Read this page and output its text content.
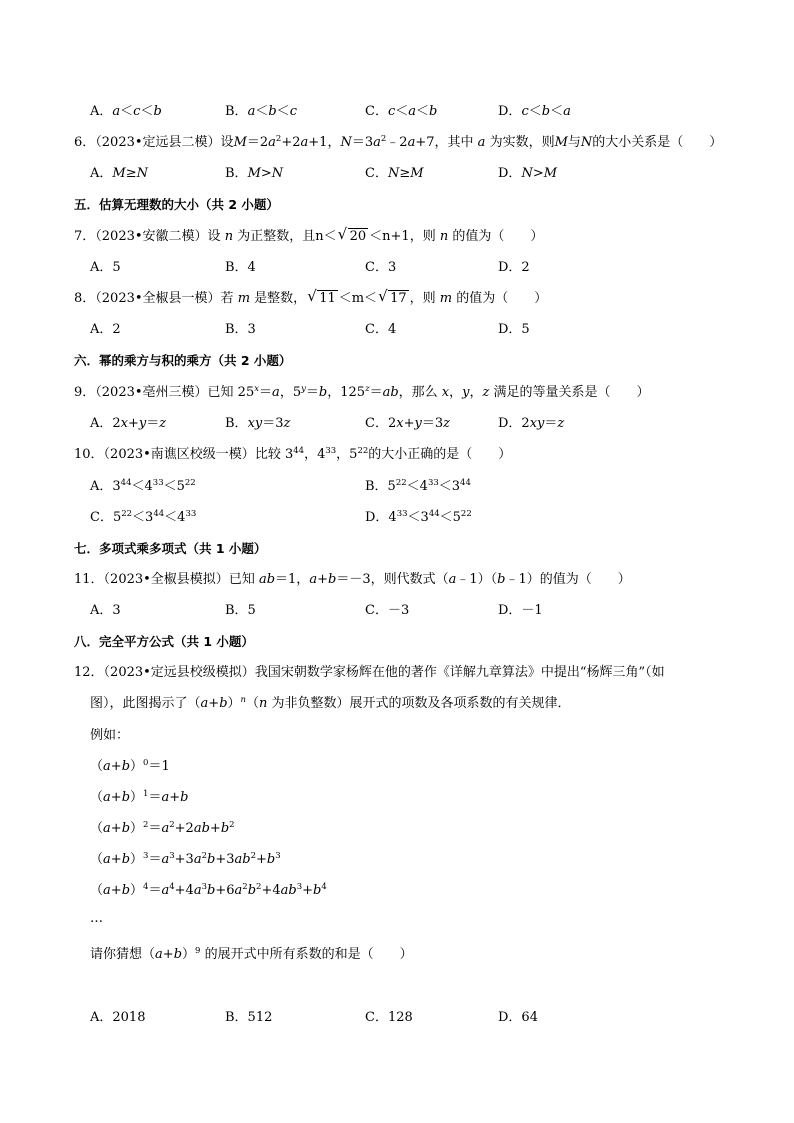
A．a＜c＜b	B．a＜b＜c	C．c＜a＜b	D．c＜b＜a
6．（2023•定远县二模）设$M=2a^2+2a+1$，$N=3a^2﹣2a+7$，其中 a 为实数，则M与N的大小关系是（　　）
A．M≥N	B．M>N	C．N≥M	D．N>M
五．估算无理数的大小（共 2 小题）
7．（2023•安徽二模）设 n 为正整数，且n＜ √ 20 ＜n+1，则 n 的值为（　　）
A．5	B．4	C．3	D．2
8．（2023•全椒县一模）若 m 是整数， √ 11 ＜m＜ √ 17 ，则 m 的值为（　　）
A．2	B．3	C．4	D．5
六．幂的乘方与积的乘方（共 2 小题）
9．（2023•亳州三模）已知 $25^x=a$，$5^y=b$，$125^z=ab$，那么 x，y，z 满足的等量关系是（　　）
A．2x+y＝z	B．xy＝3z	C．2x+y＝3z	D．2xy＝z
10．（2023•南谯区校级一模）比较 $3^{44}$，$4^{33}$，$5^{22}$的大小正确的是（　　）
A．$3^{44}<4^{33}<5^{22}$	B．$5^{22}<4^{33}<3^{44}$
C．$5^{22}<3^{44}<4^{33}$	D．$4^{33}<3^{44}<5^{22}$
七．多项式乘多项式（共 1 小题）
11．（2023•全椒县模拟）已知 ab＝1，a+b＝－3，则代数式（a﹣1）（b﹣1）的值为（　　）
A．3	B．5	C．－3	D．－1
八．完全平方公式（共 1 小题）
12．（2023•定远县校级模拟）我国宋朝数学家杨辉在他的著作《详解九章算法》中提出“杨辉三角”（如
图），此图揭示了$(a+b)^n(n$ 为非负整数）展开式的项数及各项系数的有关规律．
例如：
$(a+b)^0=1$
$(a+b)^1=a+b$
$(a+b)^2=a^2+2ab+b^2$
$(a+b)^3=a^3+3a^2b+3ab^2+b^3$
$(a+b)^4=a^4+4a^3b+6a^2b^2+4ab^3+b^4$
…
请你猜想$(a+b)^9$ 的展开式中所有系数的和是（　　）
A．2018	B．512	C．128	D．64
